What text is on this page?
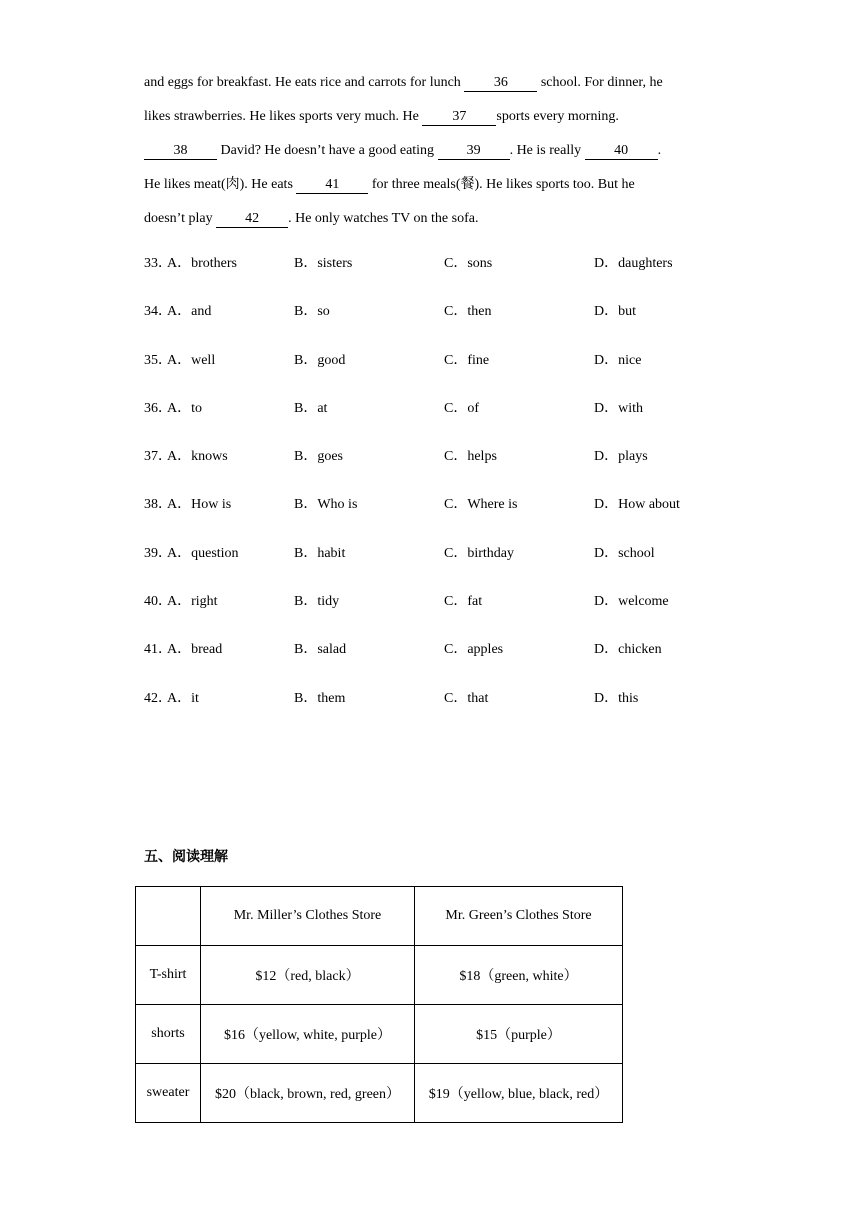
and eggs for breakfast. He eats rice and carrots for lunch 36 school. For dinner, he
likes strawberries. He likes sports very much. He 37 sports every morning.
38 David? He doesn’t have a good eating 39 . He is really 40 .
He likes meat(肉). He eats 41 for three meals(餐). He likes sports too. But he
doesn’t play 42 . He only watches TV on the sofa.
33．
A．brothers	B．sisters	C．sons	D．daughters
34．
A．and	B．so	C．then	D．but
35．
A．well	B．good	C．fine	D．nice
36．
A．to	B．at	C．of	D．with
37．
A．knows	B．goes	C．helps	D．plays
38．
A．How is	B．Who is	C．Where is	D．How about
39．
A．question	B．habit	C．birthday	D．school
40．
A．right	B．tidy	C．fat	D．welcome
41．
A．bread	B．salad	C．apples	D．chicken
42．
A．it	B．them	C．that	D．this
五、阅读理解
	Mr. Miller’s Clothes Store	Mr. Green’s Clothes Store
T-shirt	$12（red, black）	$18（green, white）
shorts	$16（yellow, white, purple）	$15（purple）
sweater	$20（black, brown, red, green）	$19（yellow, blue, black, red）
